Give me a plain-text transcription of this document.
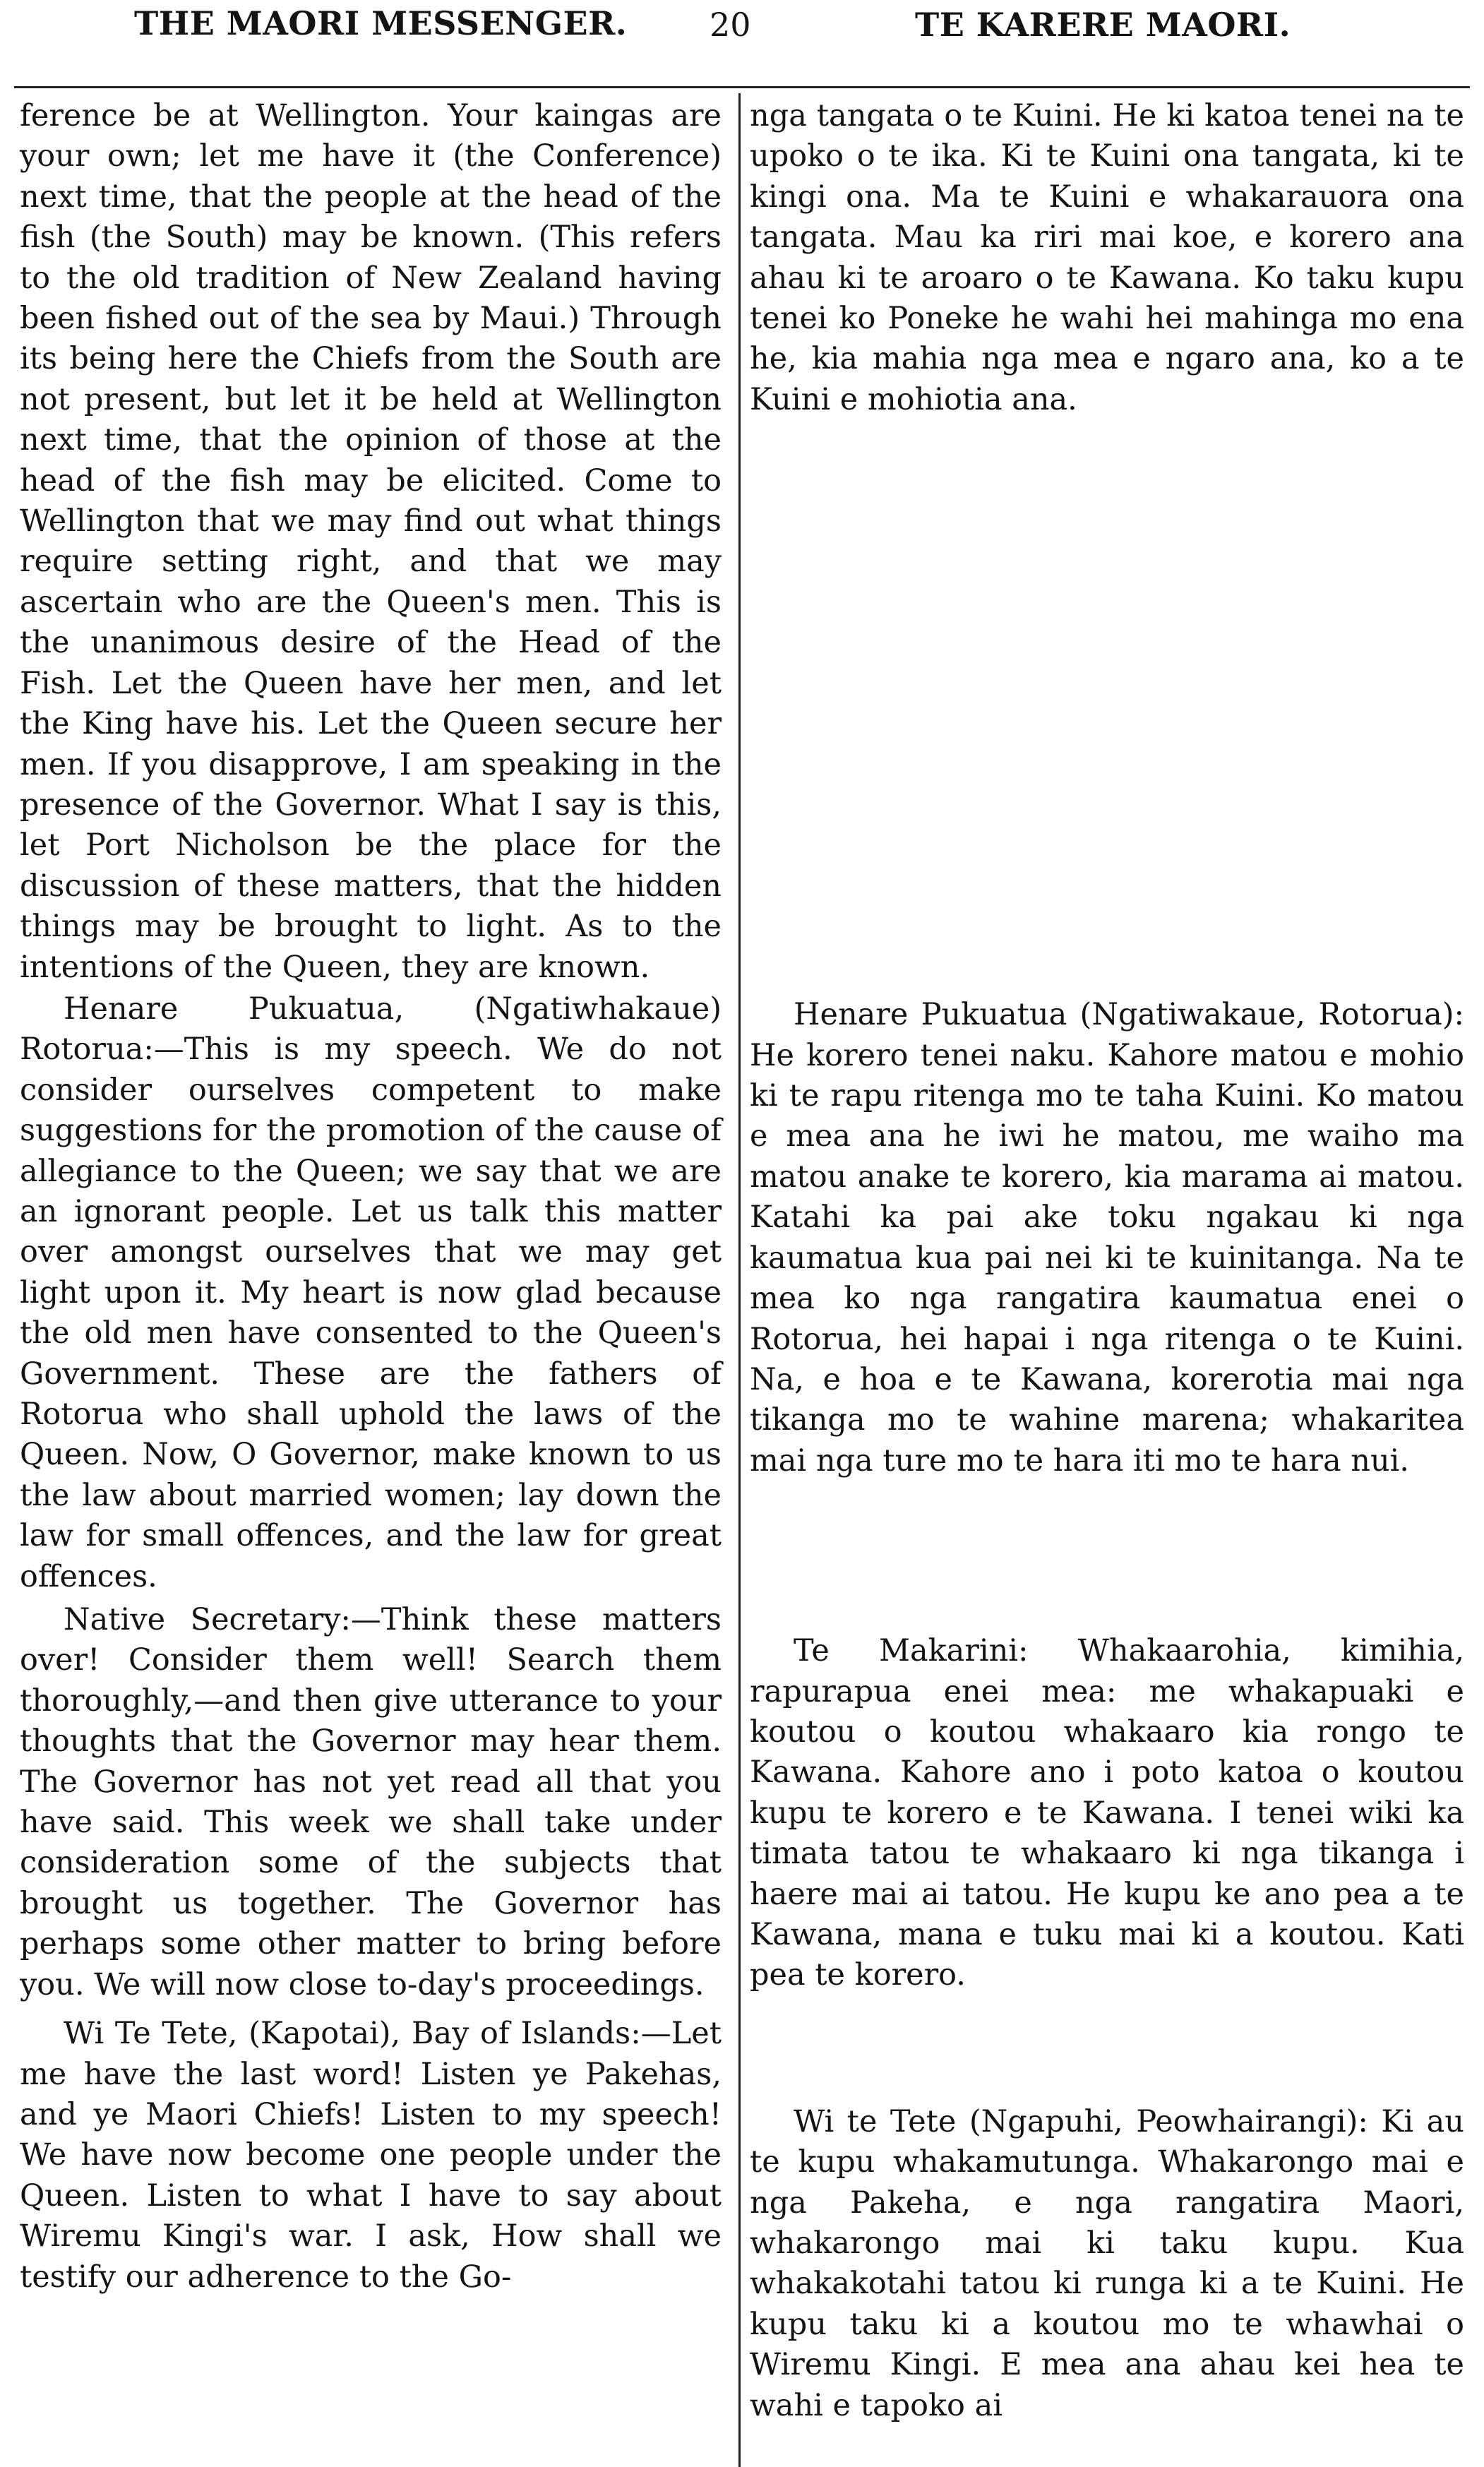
THE MAORI MESSENGER.	20	TE KARERE MAORI.

ference be at Wellington. Your kaingas are your own; let me have it (the Conference) next time, that the people at the head of the fish (the South) may be known. (This refers to the old tradition of New Zealand having been fished out of the sea by Maui.) Through its being here the Chiefs from the South are not present, but let it be held at Wellington next time, that the opinion of those at the head of the fish may be elicited. Come to Wellington that we may find out what things require setting right, and that we may ascertain who are the Queen's men. This is the unanimous desire of the Head of the Fish. Let the Queen have her men, and let the King have his. Let the Queen secure her men. If you disapprove, I am speaking in the presence of the Governor. What I say is this, let Port Nicholson be the place for the discussion of these matters, that the hidden things may be brought to light. As to the intentions of the Queen, they are known.

Henare Pukuatua, (Ngatiwhakaue) Rotorua:—This is my speech. We do not consider ourselves competent to make suggestions for the promotion of the cause of allegiance to the Queen; we say that we are an ignorant people. Let us talk this matter over amongst ourselves that we may get light upon it. My heart is now glad because the old men have consented to the Queen's Government. These are the fathers of Rotorua who shall uphold the laws of the Queen. Now, O Governor, make known to us the law about married women; lay down the law for small offences, and the law for great offences.

Native Secretary:—Think these matters over! Consider them well! Search them thoroughly,—and then give utterance to your thoughts that the Governor may hear them. The Governor has not yet read all that you have said. This week we shall take under consideration some of the subjects that brought us together. The Governor has perhaps some other matter to bring before you. We will now close to-day's proceedings.

Wi Te Tete, (Kapotai), Bay of Islands:—Let me have the last word! Listen ye Pakehas, and ye Maori Chiefs! Listen to my speech! We have now become one people under the Queen. Listen to what I have to say about Wiremu Kingi's war. I ask, How shall we testify our adherence to the Go-

nga tangata o te Kuini. He ki katoa tenei na te upoko o te ika. Ki te Kuini ona tangata, ki te kingi ona. Ma te Kuini e whakarauora ona tangata. Mau ka riri mai koe, e korero ana ahau ki te aroaro o te Kawana. Ko taku kupu tenei ko Poneke he wahi hei mahinga mo ena he, kia mahia nga mea e ngaro ana, ko a te Kuini e mohiotia ana.

Henare Pukuatua (Ngatiwakaue, Rotorua): He korero tenei naku. Kahore matou e mohio ki te rapu ritenga mo te taha Kuini. Ko matou e mea ana he iwi he matou, me waiho ma matou anake te korero, kia marama ai matou. Katahi ka pai ake toku ngakau ki nga kaumatua kua pai nei ki te kuinitanga. Na te mea ko nga rangatira kaumatua enei o Rotorua, hei hapai i nga ritenga o te Kuini. Na, e hoa e te Kawana, korerotia mai nga tikanga mo te wahine marena; whakaritea mai nga ture mo te hara iti mo te hara nui.

Te Makarini: Whakaarohia, kimihia, rapurapua enei mea: me whakapuaki e koutou o koutou whakaaro kia rongo te Kawana. Kahore ano i poto katoa o koutou kupu te korero e te Kawana. I tenei wiki ka timata tatou te whakaaro ki nga tikanga i haere mai ai tatou. He kupu ke ano pea a te Kawana, mana e tuku mai ki a koutou. Kati pea te korero.

Wi te Tete (Ngapuhi, Peowhairangi): Ki au te kupu whakamutunga. Whakarongo mai e nga Pakeha, e nga rangatira Maori, whakarongo mai ki taku kupu. Kua whakakotahi tatou ki runga ki a te Kuini. He kupu taku ki a koutou mo te whawhai o Wiremu Kingi. E mea ana ahau kei hea te wahi e tapoko ai
